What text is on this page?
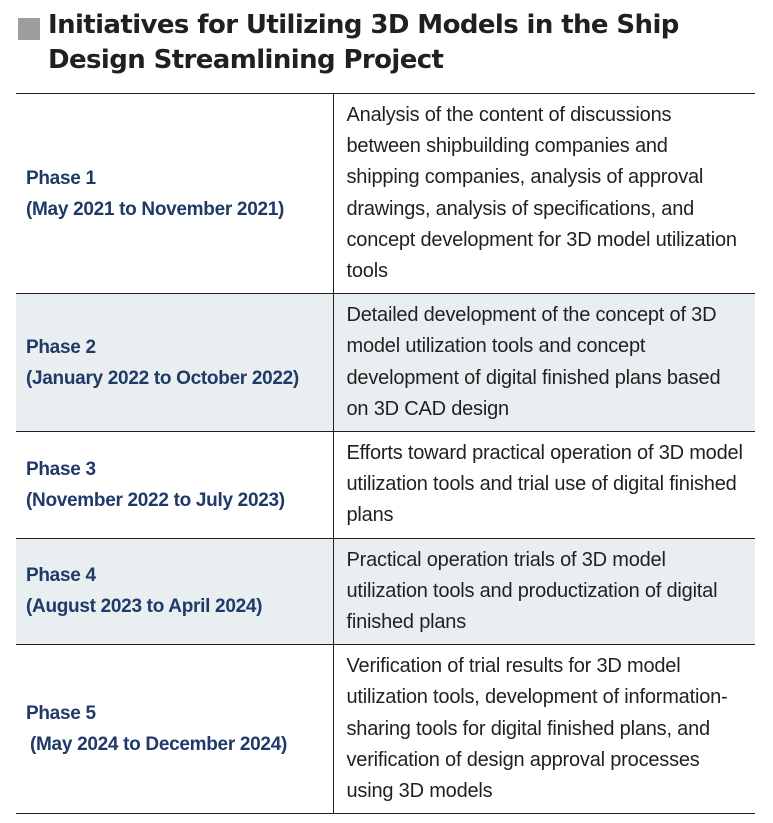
Initiatives for Utilizing 3D Models in the Ship
Design Streamlining Project
Phase 1
(May 2021 to November 2021)	Analysis of the content of discussions between shipbuilding companies and shipping companies, analysis of approval drawings, analysis of specifications, and concept development for 3D model utilization tools

Phase 2
(January 2022 to October 2022)	Detailed development of the concept of 3D model utilization tools and concept development of digital finished plans based on 3D CAD design

Phase 3
(November 2022 to July 2023)	Efforts toward practical operation of 3D model utilization tools and trial use of digital finished plans

Phase 4
(August 2023 to April 2024)	Practical operation trials of 3D model utilization tools and productization of digital finished plans

Phase 5
(May 2024 to December 2024)	Verification of trial results for 3D model utilization tools, development of information-sharing tools for digital finished plans, and verification of design approval processes using 3D models
